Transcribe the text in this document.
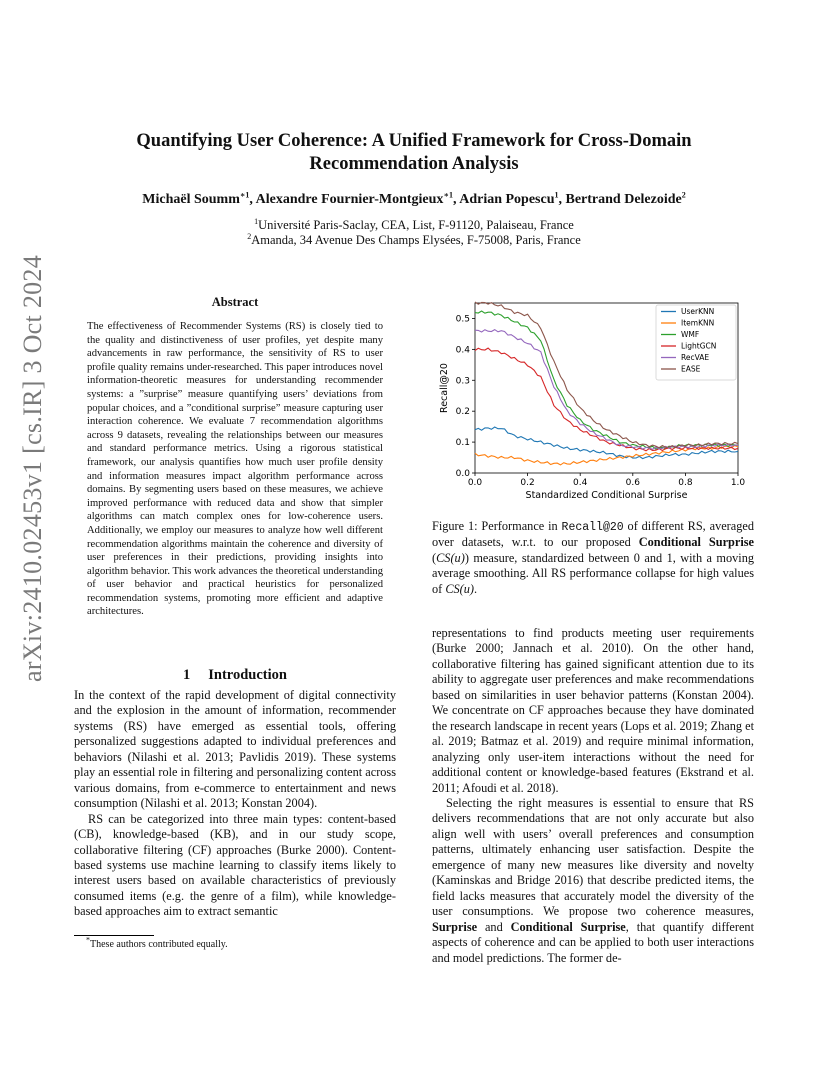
arXiv:2410.02453v1 [cs.IR] 3 Oct 2024
Quantifying User Coherence: A Unified Framework for Cross-Domain
Recommendation Analysis
Michaël Soumm$^{∗1}$, Alexandre Fournier-Montgieux$^{∗1}$, Adrian Popescu$^1$, Bertrand Delezoide$^2$
$^1$Université Paris-Saclay, CEA, List, F-91120, Palaiseau, France
$^2$Amanda, 34 Avenue Des Champs Elysées, F-75008, Paris, France
Abstract
The effectiveness of Recommender Systems (RS) is closely tied to the quality and distinctiveness of user profiles, yet despite many advancements in raw performance, the sensitivity of RS to user profile quality remains under-researched. This paper introduces novel information-theoretic measures for understanding recommender systems: a ”surprise” measure quantifying users’ deviations from popular choices, and a ”conditional surprise” measure capturing user interaction coherence. We evaluate 7 recommendation algorithms across 9 datasets, revealing the relationships between our measures and standard performance metrics. Using a rigorous statistical framework, our analysis quantifies how much user profile density and information measures impact algorithm performance across domains. By segmenting users based on these measures, we achieve improved performance with reduced data and show that simpler algorithms can match complex ones for low-coherence users. Additionally, we employ our measures to analyze how well different recommendation algorithms maintain the coherence and diversity of user preferences in their predictions, providing insights into algorithm behavior. This work advances the theoretical understanding of user behavior and practical heuristics for personalized recommendation systems, promoting more efficient and adaptive architectures.
1 Introduction

In the context of the rapid development of digital connectivity and the explosion in the amount of information, recommender systems (RS) have emerged as essential tools, offering personalized suggestions adapted to individual preferences and behaviors (Nilashi et al. 2013; Pavlidis 2019). These systems play an essential role in filtering and personalizing content across various domains, from e-commerce to entertainment and news consumption (Nilashi et al. 2013; Konstan 2004).

RS can be categorized into three main types: content-based (CB), knowledge-based (KB), and in our study scope, collaborative filtering (CF) approaches (Burke 2000). Content-based systems use machine learning to classify items likely to interest users based on available characteristics of previously consumed items (e.g. the genre of a film), while knowledge-based approaches aim to extract semantic

*These authors contributed equally.
0.0	0.2	0.4	0.6	0.8	1.0
0.0
0.1
0.2
0.3
0.4
0.5
Standardized Conditional Surprise
Recall@20
UserKNN
ItemKNN
WMF
LightGCN
RecVAE
EASE
Figure 1: Performance in Recall@20 of different RS, averaged over datasets, w.r.t. to our proposed Conditional Surprise (CS(u)) measure, standardized between 0 and 1, with a moving average smoothing. All RS performance collapse for high values of CS(u).

representations to find products meeting user requirements (Burke 2000; Jannach et al. 2010). On the other hand, collaborative filtering has gained significant attention due to its ability to aggregate user preferences and make recommendations based on similarities in user behavior patterns (Konstan 2004). We concentrate on CF approaches because they have dominated the research landscape in recent years (Lops et al. 2019; Zhang et al. 2019; Batmaz et al. 2019) and require minimal information, analyzing only user-item interactions without the need for additional content or knowledge-based features (Ekstrand et al. 2011; Afoudi et al. 2018).

Selecting the right measures is essential to ensure that RS delivers recommendations that are not only accurate but also align well with users’ overall preferences and consumption patterns, ultimately enhancing user satisfaction. Despite the emergence of many new measures like diversity and novelty (Kaminskas and Bridge 2016) that describe predicted items, the field lacks measures that accurately model the diversity of the user consumptions. We propose two coherence measures, Surprise and Conditional Surprise, that quantify different aspects of coherence and can be applied to both user interactions and model predictions. The former de-
